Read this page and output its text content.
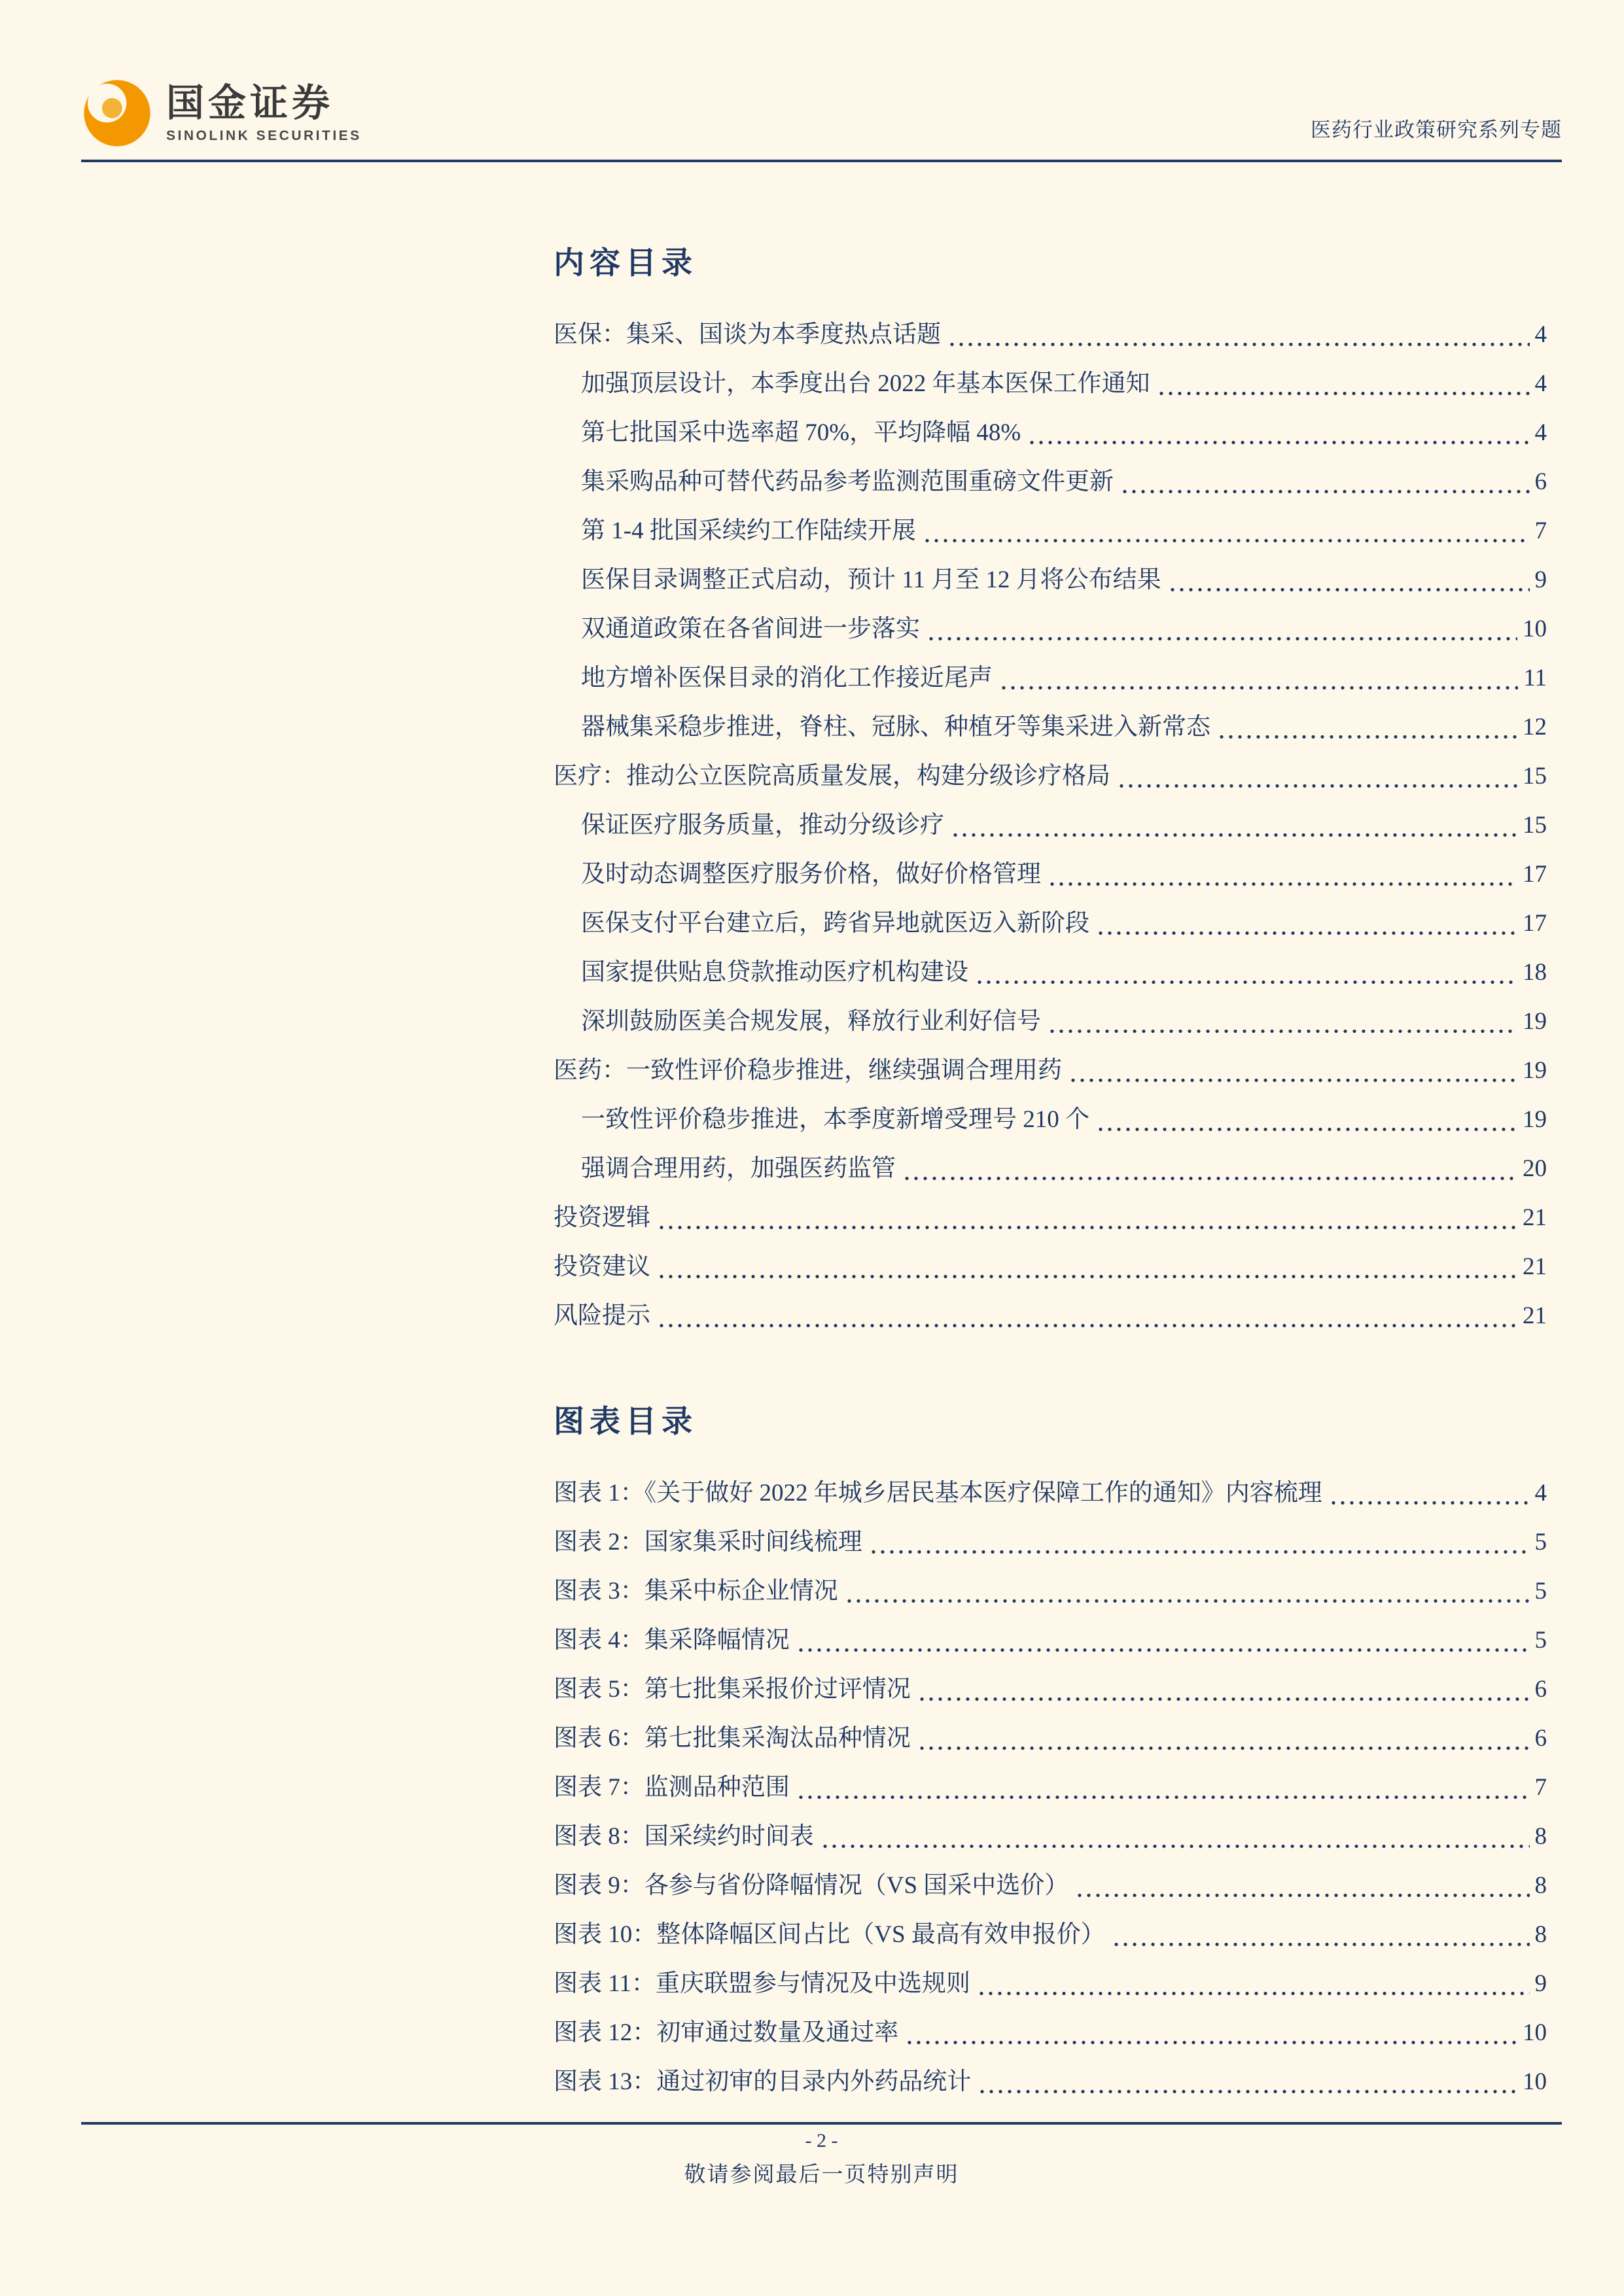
国金证券
SINOLINK SECURITIES	医药行业政策研究系列专题
内容目录
医保：集采、国谈为本季度热点话题	4
加强顶层设计，本季度出台 2022 年基本医保工作通知	4
第七批国采中选率超 70%，平均降幅 48%	4
集采购品种可替代药品参考监测范围重磅文件更新	6
第 1-4 批国采续约工作陆续开展	7
医保目录调整正式启动，预计 11 月至 12 月将公布结果	9
双通道政策在各省间进一步落实	10
地方增补医保目录的消化工作接近尾声	11
器械集采稳步推进，脊柱、冠脉、种植牙等集采进入新常态	12
医疗：推动公立医院高质量发展，构建分级诊疗格局	15
保证医疗服务质量，推动分级诊疗	15
及时动态调整医疗服务价格，做好价格管理	17
医保支付平台建立后，跨省异地就医迈入新阶段	17
国家提供贴息贷款推动医疗机构建设	18
深圳鼓励医美合规发展，释放行业利好信号	19
医药：一致性评价稳步推进，继续强调合理用药	19
一致性评价稳步推进，本季度新增受理号 210 个	19
强调合理用药，加强医药监管	20
投资逻辑	21
投资建议	21
风险提示	21
图表目录
图表 1：《关于做好 2022 年城乡居民基本医疗保障工作的通知》内容梳理	4
图表 2：国家集采时间线梳理	5
图表 3：集采中标企业情况	5
图表 4：集采降幅情况	5
图表 5：第七批集采报价过评情况	6
图表 6：第七批集采淘汰品种情况	6
图表 7：监测品种范围	7
图表 8：国采续约时间表	8
图表 9：各参与省份降幅情况（VS 国采中选价）	8
图表 10：整体降幅区间占比（VS 最高有效申报价）	8
图表 11：重庆联盟参与情况及中选规则	9
图表 12：初审通过数量及通过率	10
图表 13：通过初审的目录内外药品统计	10
- 2 -
敬请参阅最后一页特别声明
